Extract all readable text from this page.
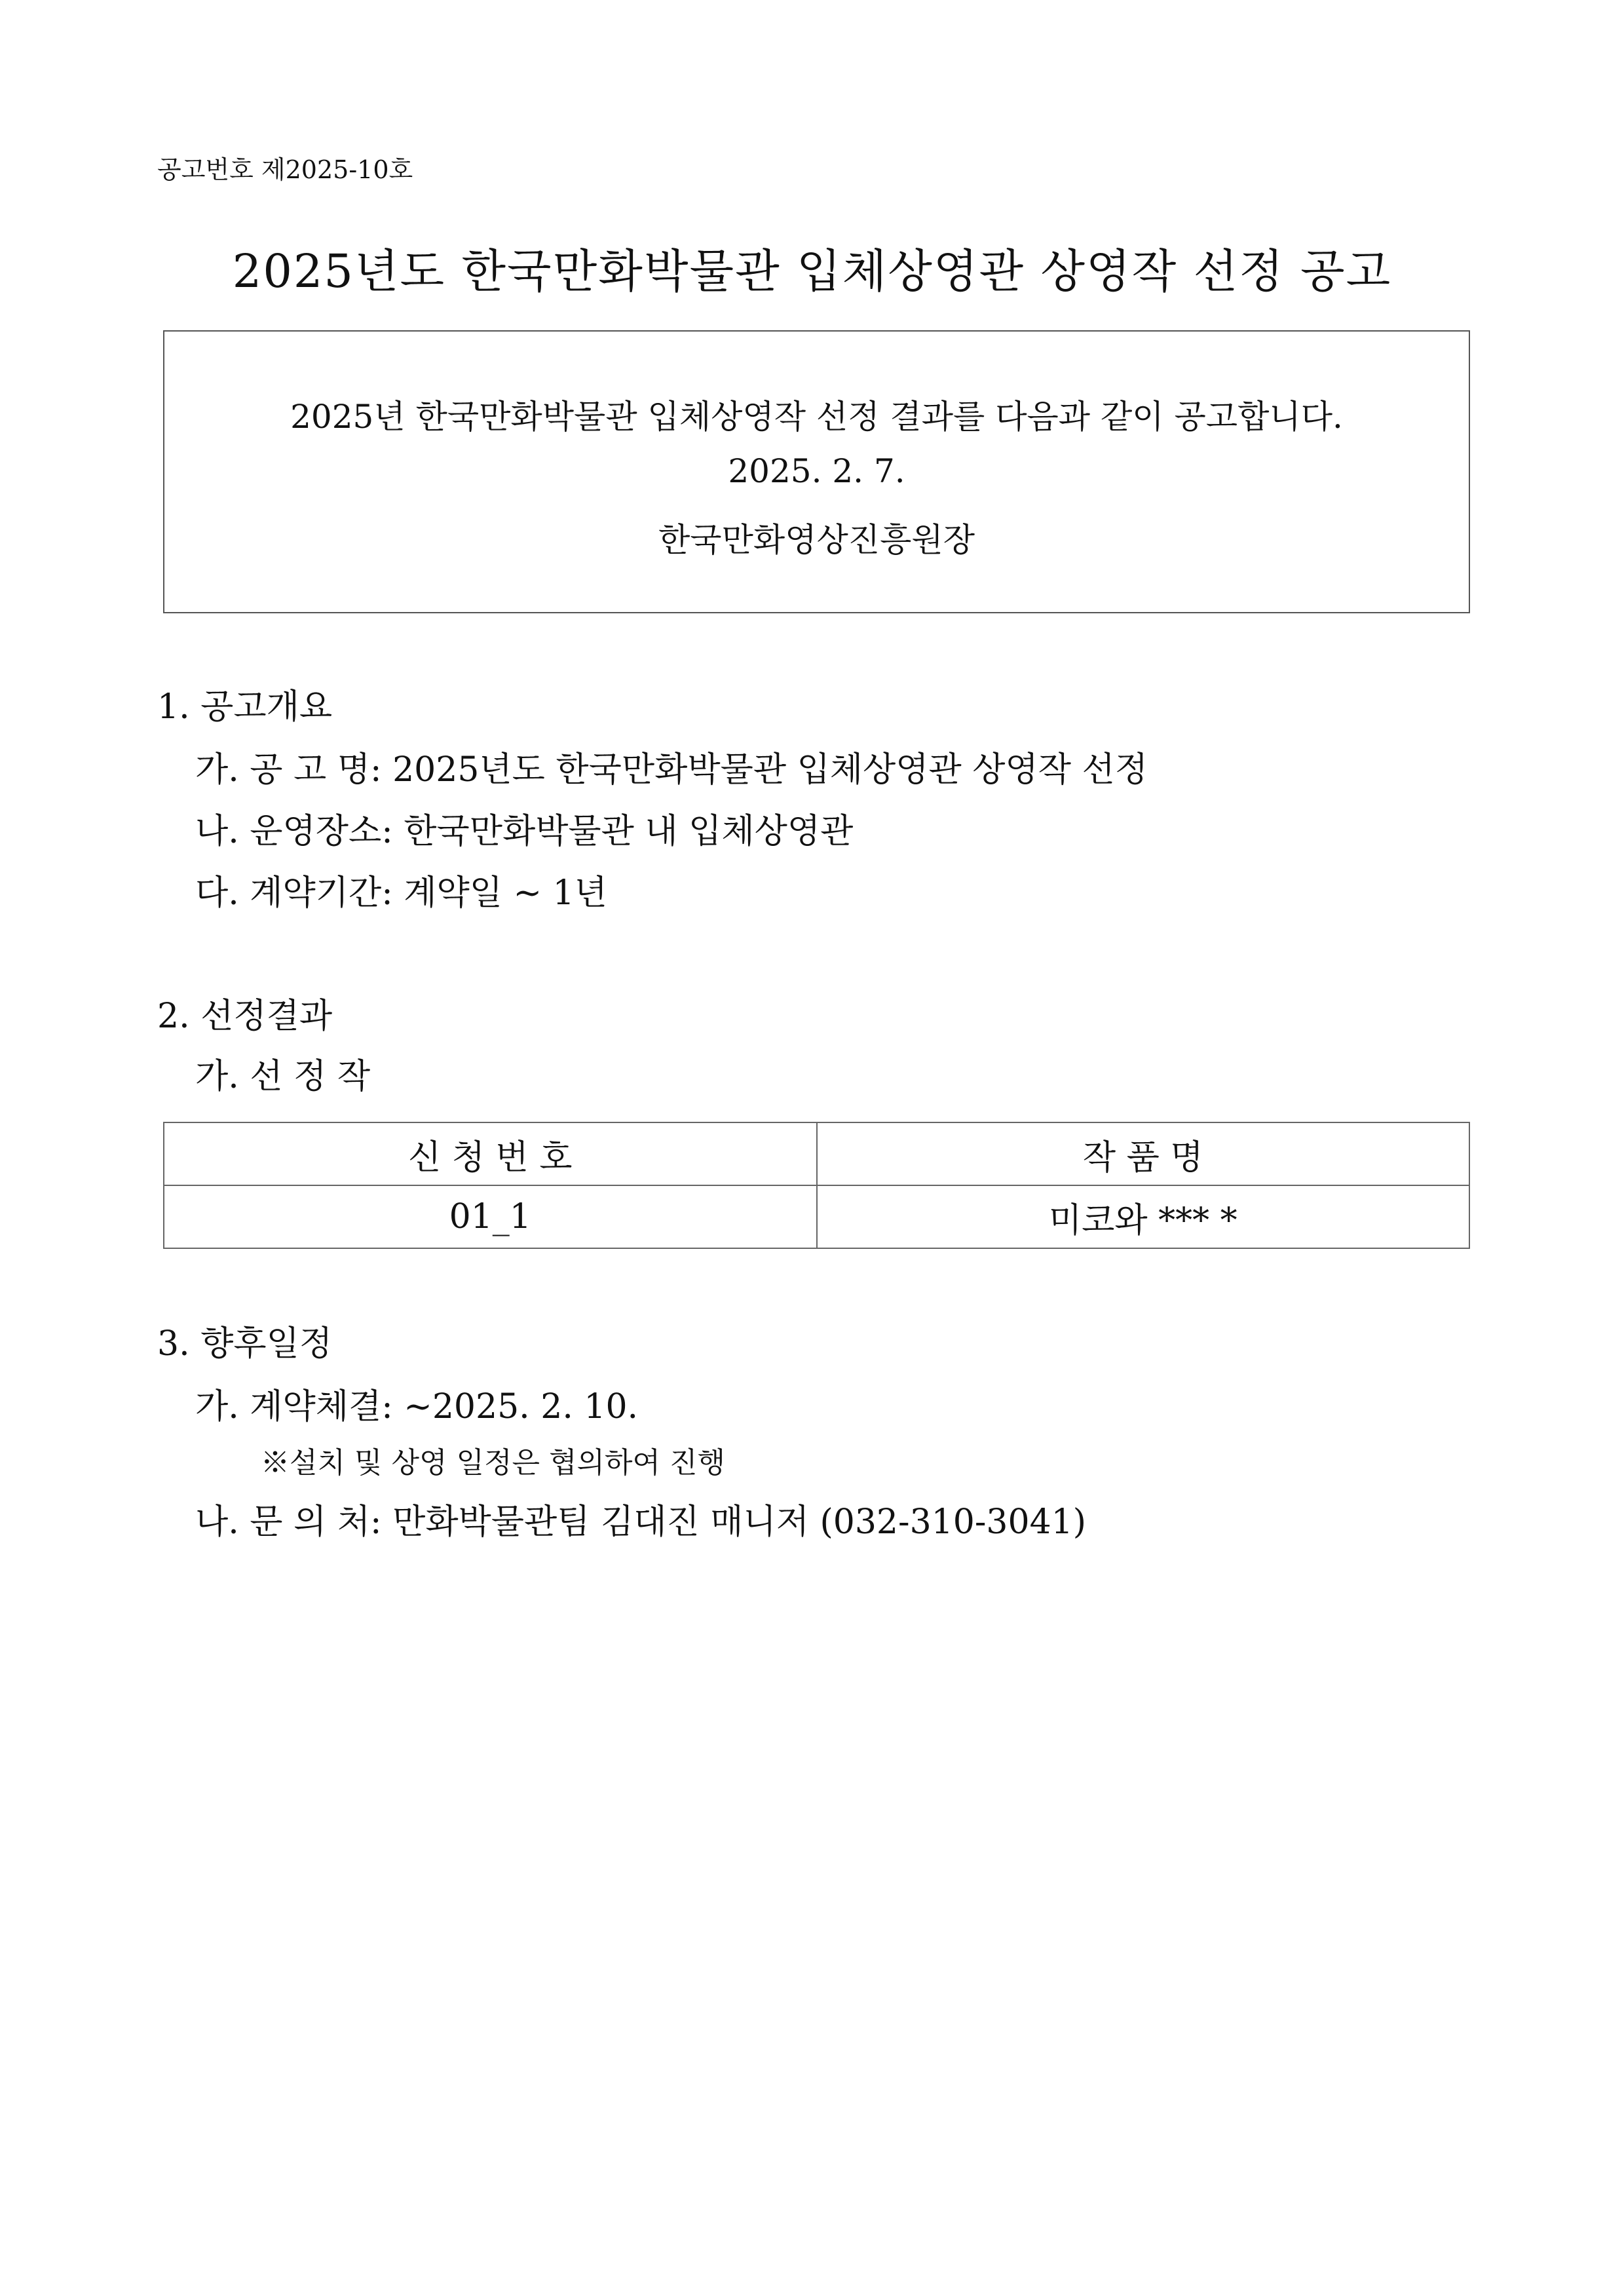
공고번호 제2025-10호
2025년도 한국만화박물관 입체상영관 상영작 선정 공고
2025년 한국만화박물관 입체상영작 선정 결과를 다음과 같이 공고합니다.
2025. 2. 7.
한국만화영상진흥원장
1. 공고개요
가. 공 고 명: 2025년도 한국만화박물관 입체상영관 상영작 선정
나. 운영장소: 한국만화박물관 내 입체상영관
다. 계약기간: 계약일 ~ 1년
2. 선정결과
가. 선 정 작
신 청 번 호	작 품 명
01_1	미코와 *** *
3. 향후일정
가. 계약체결: ~2025. 2. 10.
※설치 및 상영 일정은 협의하여 진행
나. 문 의 처: 만화박물관팀 김대진 매니저 (032-310-3041)
